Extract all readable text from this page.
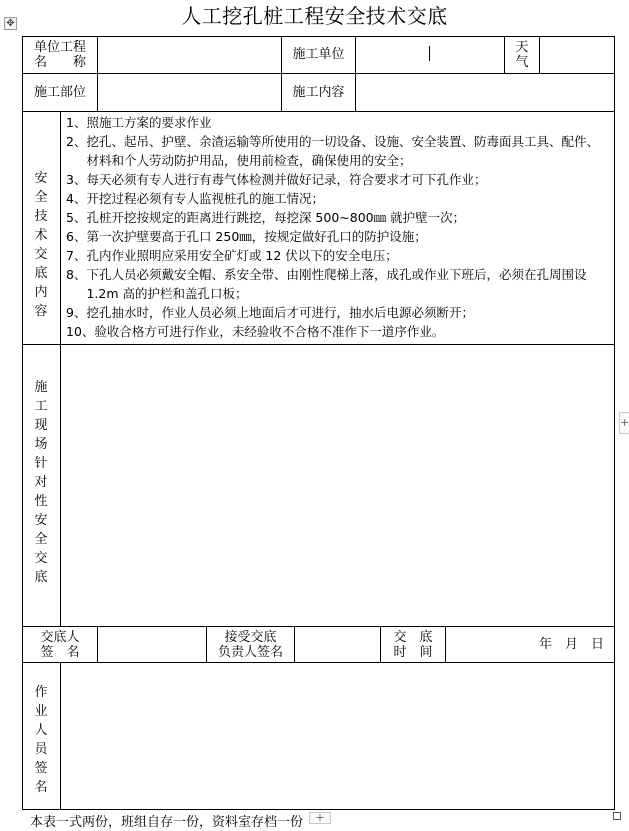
人工挖孔桩工程安全技术交底
✥
单位工程
名　　称
施工单位	天
气
施工部位	施工内容
安全技术交底内容
1、 照施工方案的要求作业
2、 挖孔、起吊、护壁、余渣运输等所使用的一切设备、设施、安全装置、防毒面具工具、配件、材料和个人劳动防护用品，使用前检查，确保使用的安全；
3、 每天必须有专人进行有毒气体检测并做好记录，符合要求才可下孔作业；
4、 开挖过程必须有专人监视桩孔的施工情况；
5、 孔桩开挖按规定的距离进行跳挖，每挖深 500~800㎜ 就护壁一次；
6、 第一次护壁要高于孔口 250㎜，按规定做好孔口的防护设施；
7、 孔内作业照明应采用安全矿灯或 12 伏以下的安全电压；
8、 下孔人员必须戴安全帽、系安全带、由刚性爬梯上落，成孔或作业下班后，必须在孔周围设 1.2m 高的护栏和盖孔口板；
9、 挖孔抽水时，作业人员必须上地面后才可进行，抽水后电源必须断开；
10、 验收合格方可进行作业，未经验收不合格不准作下一道序作业。
施工现场针对性安全交底
交底人
签　名
接受交底
负责人签名
交　底
时　间
年　月　日
作业人员签名
+
+
本表一式两份，班组自存一份，资料室存档一份
